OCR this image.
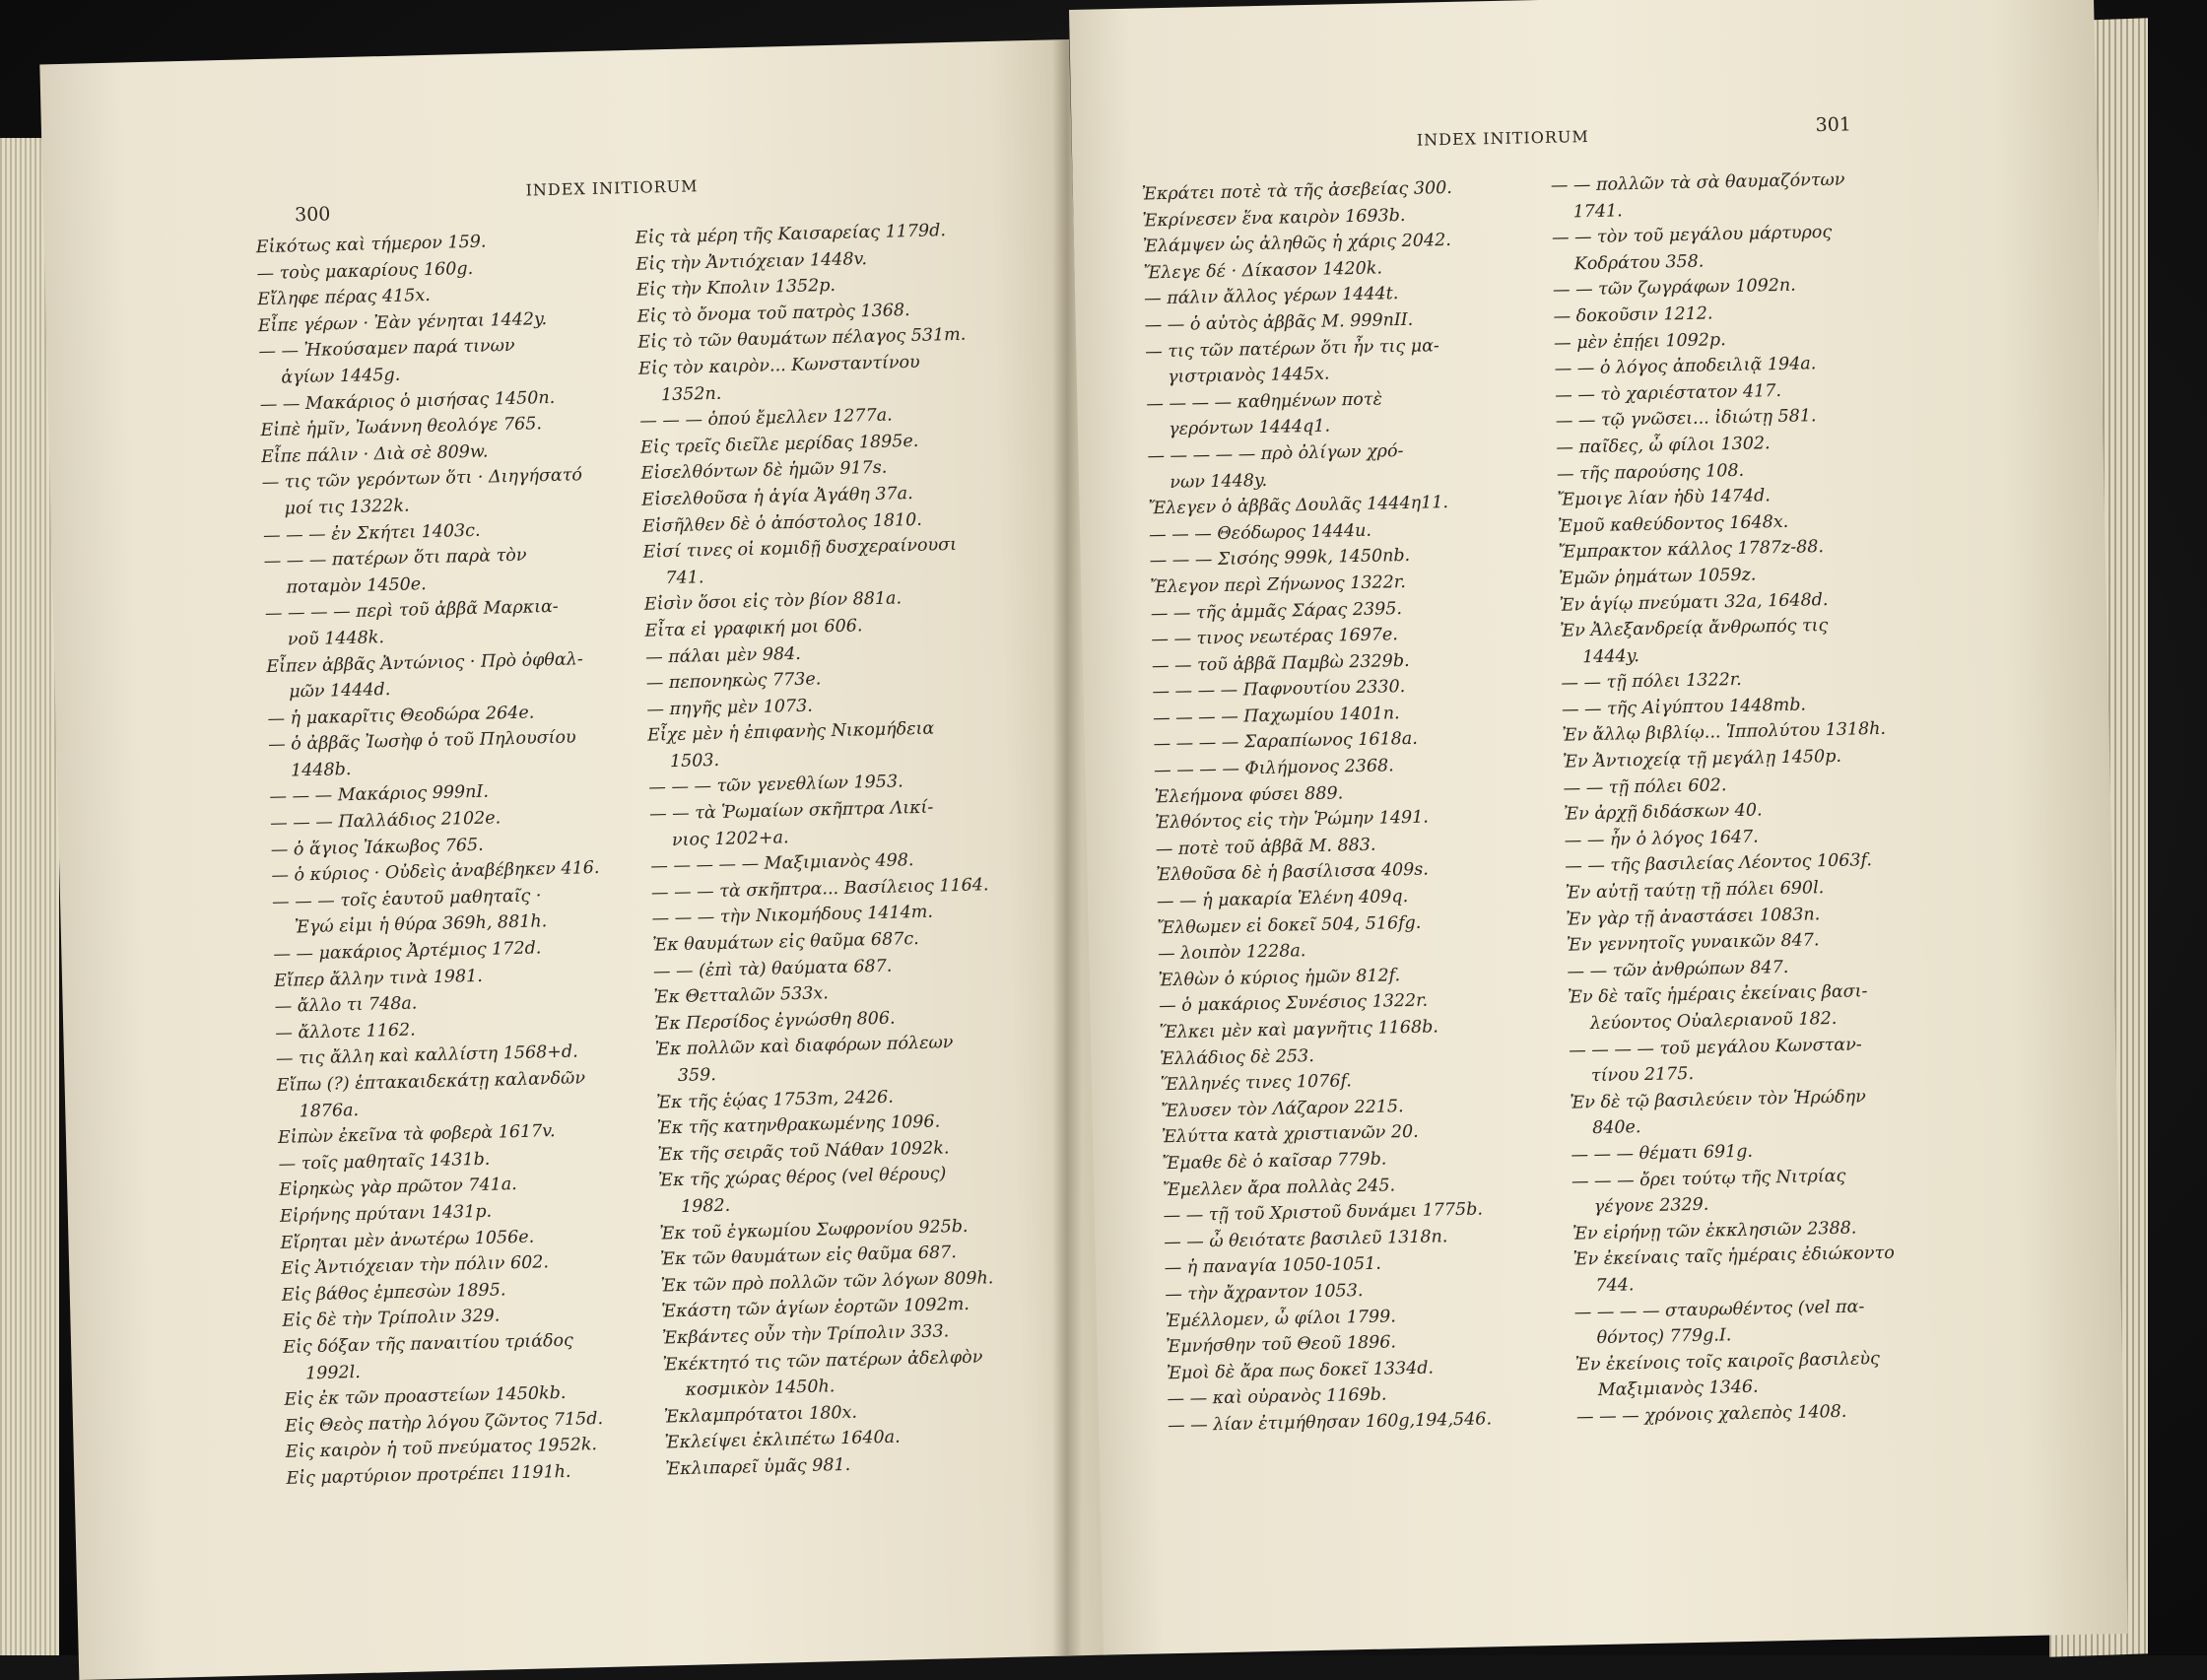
300
INDEX INITIORUM
Εἰκότως καὶ τήμερον 159.
— τοὺς μακαρίους 160g.
Εἴληφε πέρας 415x.
Εἶπε γέρων · Ἐὰν γένηται 1442y.
— — Ἠκούσαμεν παρά τινων
ἁγίων 1445g.
— — Μακάριος ὁ μισήσας 1450n.
Εἰπὲ ἡμῖν, Ἰωάννη θεολόγε 765.
Εἶπε πάλιν · Διὰ σὲ 809w.
— τις τῶν γερόντων ὅτι · Διηγήσατό
μοί τις 1322k.
— — — ἐν Σκήτει 1403c.
— — — πατέρων ὅτι παρὰ τὸν
ποταμὸν 1450e.
— — — — περὶ τοῦ ἀββᾶ Μαρκια-
νοῦ 1448k.
Εἶπεν ἀββᾶς Ἀντώνιος · Πρὸ ὀφθαλ-
μῶν 1444d.
— ἡ μακαρῖτις Θεοδώρα 264e.
— ὁ ἀββᾶς Ἰωσὴφ ὁ τοῦ Πηλουσίου
1448b.
— — — Μακάριος 999nI.
— — — Παλλάδιος 2102e.
— ὁ ἅγιος Ἰάκωβος 765.
— ὁ κύριος · Οὐδεὶς ἀναβέβηκεν 416.
— — — τοῖς ἑαυτοῦ μαθηταῖς ·
Ἐγώ εἰμι ἡ θύρα 369h, 881h.
— — μακάριος Ἀρτέμιος 172d.
Εἴπερ ἄλλην τινὰ 1981.
— ἄλλο τι 748a.
— ἄλλοτε 1162.
— τις ἄλλη καὶ καλλίστη 1568+d.
Εἴπω (?) ἑπτακαιδεκάτῃ καλανδῶν
1876a.
Εἰπὼν ἐκεῖνα τὰ φοβερὰ 1617v.
— τοῖς μαθηταῖς 1431b.
Εἰρηκὼς γὰρ πρῶτον 741a.
Εἰρήνης πρύτανι 1431p.
Εἴρηται μὲν ἀνωτέρω 1056e.
Εἰς Ἀντιόχειαν τὴν πόλιν 602.
Εἰς βάθος ἐμπεσὼν 1895.
Εἰς δὲ τὴν Τρίπολιν 329.
Εἰς δόξαν τῆς παναιτίου τριάδος
1992l.
Εἰς ἐκ τῶν προαστείων 1450kb.
Εἰς Θεὸς πατὴρ λόγου ζῶντος 715d.
Εἰς καιρὸν ἡ τοῦ πνεύματος 1952k.
Εἰς μαρτύριον προτρέπει 1191h.
Εἰς τὰ μέρη τῆς Καισαρείας 1179d.
Εἰς τὴν Ἀντιόχειαν 1448v.
Εἰς τὴν Κπολιν 1352p.
Εἰς τὸ ὄνομα τοῦ πατρὸς 1368.
Εἰς τὸ τῶν θαυμάτων πέλαγος 531m.
Εἰς τὸν καιρὸν... Κωνσταντίνου
1352n.
— — — ὁπού ἔμελλεν 1277a.
Εἰς τρεῖς διεῖλε μερίδας 1895e.
Εἰσελθόντων δὲ ἡμῶν 917s.
Εἰσελθοῦσα ἡ ἁγία Ἀγάθη 37a.
Εἰσῆλθεν δὲ ὁ ἀπόστολος 1810.
Εἰσί τινες οἱ κομιδῇ δυσχεραίνουσι
741.
Εἰσὶν ὅσοι εἰς τὸν βίον 881a.
Εἶτα εἰ γραφική μοι 606.
— πάλαι μὲν 984.
— πεπονηκὼς 773e.
— πηγῆς μὲν 1073.
Εἶχε μὲν ἡ ἐπιφανὴς Νικομήδεια
1503.
— — — τῶν γενεθλίων 1953.
— — τὰ Ῥωμαίων σκῆπτρα Λικί-
νιος 1202+a.
— — — — — Μαξιμιανὸς 498.
— — — τὰ σκῆπτρα... Βασίλειος 1164.
— — — τὴν Νικομήδους 1414m.
Ἐκ θαυμάτων εἰς θαῦμα 687c.
— — (ἐπὶ τὰ) θαύματα 687.
Ἐκ Θετταλῶν 533x.
Ἐκ Περσίδος ἐγνώσθη 806.
Ἐκ πολλῶν καὶ διαφόρων πόλεων
359.
Ἐκ τῆς ἑῴας 1753m, 2426.
Ἐκ τῆς κατηνθρακωμένης 1096.
Ἐκ τῆς σειρᾶς τοῦ Νάθαν 1092k.
Ἐκ τῆς χώρας θέρος (vel θέρους)
1982.
Ἐκ τοῦ ἐγκωμίου Σωφρονίου 925b.
Ἐκ τῶν θαυμάτων εἰς θαῦμα 687.
Ἐκ τῶν πρὸ πολλῶν τῶν λόγων 809h.
Ἑκάστη τῶν ἁγίων ἑορτῶν 1092m.
Ἐκβάντες οὖν τὴν Τρίπολιν 333.
Ἐκέκτητό τις τῶν πατέρων ἀδελφὸν
κοσμικὸν 1450h.
Ἐκλαμπρότατοι 180x.
Ἐκλείψει ἐκλιπέτω 1640a.
Ἐκλιπαρεῖ ὑμᾶς 981.
INDEX INITIORUM
301
Ἐκράτει ποτὲ τὰ τῆς ἀσεβείας 300.
Ἐκρίνεσεν ἕνα καιρὸν 1693b.
Ἐλάμψεν ὡς ἀληθῶς ἡ χάρις 2042.
Ἔλεγε δέ · Δίκασον 1420k.
— πάλιν ἄλλος γέρων 1444t.
— — ὁ αὐτὸς ἀββᾶς Μ. 999nII.
— τις τῶν πατέρων ὅτι ἦν τις μα-
γιστριανὸς 1445x.
— — — — καθημένων ποτὲ
γερόντων 1444q1.
— — — — — πρὸ ὀλίγων χρό-
νων 1448y.
Ἔλεγεν ὁ ἀββᾶς Δουλᾶς 1444η11.
— — — Θεόδωρος 1444u.
— — — Σισόης 999k, 1450nb.
Ἔλεγον περὶ Ζήνωνος 1322r.
— — τῆς ἀμμᾶς Σάρας 2395.
— — τινος νεωτέρας 1697e.
— — τοῦ ἀββᾶ Παμβὼ 2329b.
— — — — Παφνουτίου 2330.
— — — — Παχωμίου 1401n.
— — — — Σαραπίωνος 1618a.
— — — — Φιλήμονος 2368.
Ἐλεήμονα φύσει 889.
Ἐλθόντος εἰς τὴν Ῥώμην 1491.
— ποτὲ τοῦ ἀββᾶ Μ. 883.
Ἐλθοῦσα δὲ ἡ βασίλισσα 409s.
— — ἡ μακαρία Ἑλένη 409q.
Ἔλθωμεν εἰ δοκεῖ 504, 516fg.
— λοιπὸν 1228a.
Ἐλθὼν ὁ κύριος ἡμῶν 812f.
— ὁ μακάριος Συνέσιος 1322r.
Ἕλκει μὲν καὶ μαγνῆτις 1168b.
Ἑλλάδιος δὲ 253.
Ἕλληνές τινες 1076f.
Ἔλυσεν τὸν Λάζαρον 2215.
Ἐλύττα κατὰ χριστιανῶν 20.
Ἔμαθε δὲ ὁ καῖσαρ 779b.
Ἔμελλεν ἄρα πολλὰς 245.
— — τῇ τοῦ Χριστοῦ δυνάμει 1775b.
— — ὦ θειότατε βασιλεῦ 1318n.
— ἡ παναγία 1050-1051.
— τὴν ἄχραντον 1053.
Ἐμέλλομεν, ὦ φίλοι 1799.
Ἐμνήσθην τοῦ Θεοῦ 1896.
Ἐμοὶ δὲ ἄρα πως δοκεῖ 1334d.
— — καὶ οὐρανὸς 1169b.
— — λίαν ἐτιμήθησαν 160g,194,546.
— — πολλῶν τὰ σὰ θαυμαζόντων
1741.
— — τὸν τοῦ μεγάλου μάρτυρος
Κοδράτου 358.
— — τῶν ζωγράφων 1092n.
— δοκοῦσιν 1212.
— μὲν ἐπῄει 1092p.
— — ὁ λόγος ἀποδειλιᾷ 194a.
— — τὸ χαριέστατον 417.
— — τῷ γνῶσει... ἰδιώτῃ 581.
— παῖδες, ὦ φίλοι 1302.
— τῆς παρούσης 108.
Ἔμοιγε λίαν ἡδὺ 1474d.
Ἐμοῦ καθεύδοντος 1648x.
Ἔμπρακτον κάλλος 1787z-88.
Ἐμῶν ῥημάτων 1059z.
Ἐν ἁγίῳ πνεύματι 32a, 1648d.
Ἐν Ἀλεξανδρείᾳ ἄνθρωπός τις
1444y.
— — τῇ πόλει 1322r.
— — τῆς Αἰγύπτου 1448mb.
Ἐν ἄλλῳ βιβλίῳ... Ἱππολύτου 1318h.
Ἐν Ἀντιοχείᾳ τῇ μεγάλῃ 1450p.
— — τῇ πόλει 602.
Ἐν ἀρχῇ διδάσκων 40.
— — ἦν ὁ λόγος 1647.
— — τῆς βασιλείας Λέοντος 1063f.
Ἐν αὐτῇ ταύτῃ τῇ πόλει 690l.
Ἐν γὰρ τῇ ἀναστάσει 1083n.
Ἐν γεννητοῖς γυναικῶν 847.
— — τῶν ἀνθρώπων 847.
Ἐν δὲ ταῖς ἡμέραις ἐκείναις βασι-
λεύοντος Οὐαλεριανοῦ 182.
— — — — τοῦ μεγάλου Κωνσταν-
τίνου 2175.
Ἐν δὲ τῷ βασιλεύειν τὸν Ἡρώδην
840e.
— — — θέματι 691g.
— — — ὄρει τούτῳ τῆς Νιτρίας
γέγονε 2329.
Ἐν εἰρήνῃ τῶν ἐκκλησιῶν 2388.
Ἐν ἐκείναις ταῖς ἡμέραις ἐδιώκοντο
744.
— — — — σταυρωθέντος (vel πα-
θόντος) 779g.I.
Ἐν ἐκείνοις τοῖς καιροῖς βασιλεὺς
Μαξιμιανὸς 1346.
— — — χρόνοις χαλεπὸς 1408.
